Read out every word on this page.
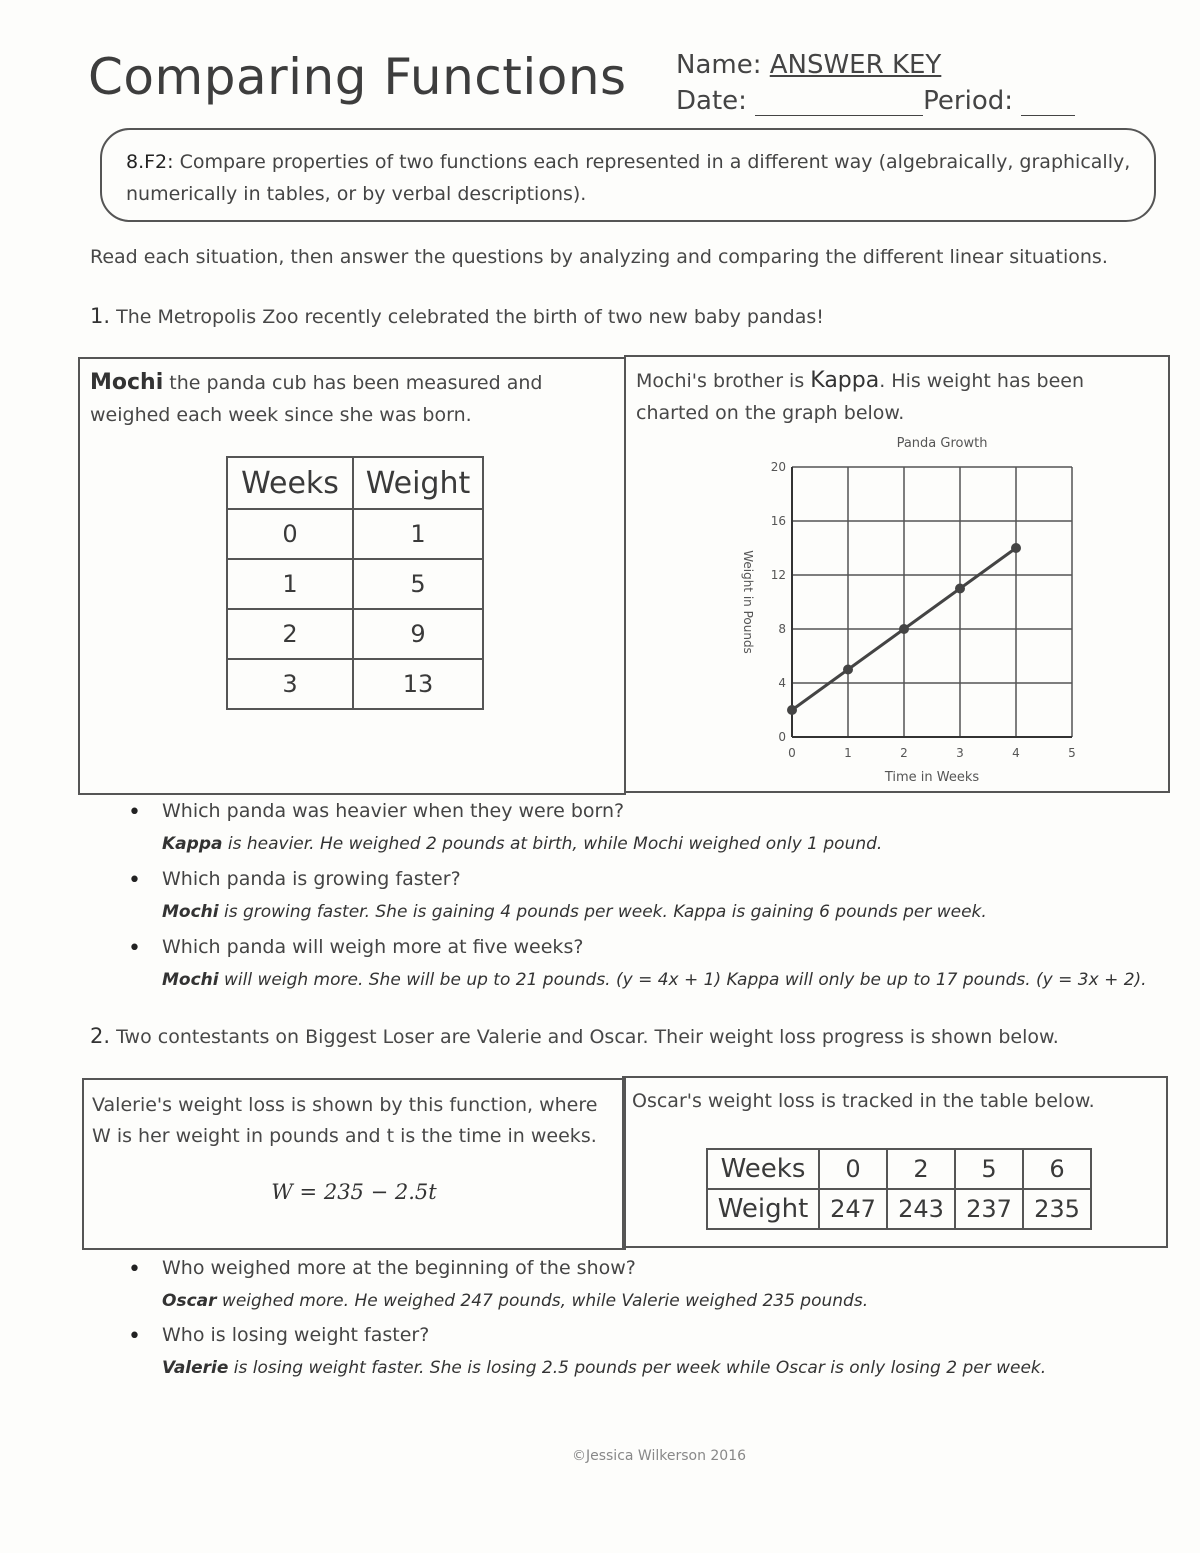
Comparing Functions Name: ANSWER KEY
Date:	Period:
8.F2: Compare properties of two functions each represented in a different way (algebraically, graphically, numerically in tables, or by verbal descriptions).
Read each situation, then answer the questions by analyzing and comparing the different linear situations.
1. The Metropolis Zoo recently celebrated the birth of two new baby pandas!
Mochi the panda cub has been measured and weighed each week since she was born.
Weeks	Weight
0	1
1	5
2	9
3	13
Mochi's brother is Kappa. His weight has been charted on the graph below.
0	1	2	3	4	5
0
4
8
12
16
20
Panda Growth
Time in Weeks
Weight in Pounds
• Which panda was heavier when they were born?
Kappa is heavier. He weighed 2 pounds at birth, while Mochi weighed only 1 pound.
• Which panda is growing faster?
Mochi is growing faster. She is gaining 4 pounds per week. Kappa is gaining 6 pounds per week.
• Which panda will weigh more at five weeks?
Mochi will weigh more. She will be up to 21 pounds. (y = 4x + 1) Kappa will only be up to 17 pounds. (y = 3x + 2).
2. Two contestants on Biggest Loser are Valerie and Oscar. Their weight loss progress is shown below.
Valerie's weight loss is shown by this function, where W is her weight in pounds and t is the time in weeks.
W = 235 − 2.5t
Oscar's weight loss is tracked in the table below.
Weeks	0	2	5	6
Weight	247	243	237	235
• Who weighed more at the beginning of the show?
Oscar weighed more. He weighed 247 pounds, while Valerie weighed 235 pounds.
• Who is losing weight faster?
Valerie is losing weight faster. She is losing 2.5 pounds per week while Oscar is only losing 2 per week.
©Jessica Wilkerson 2016
